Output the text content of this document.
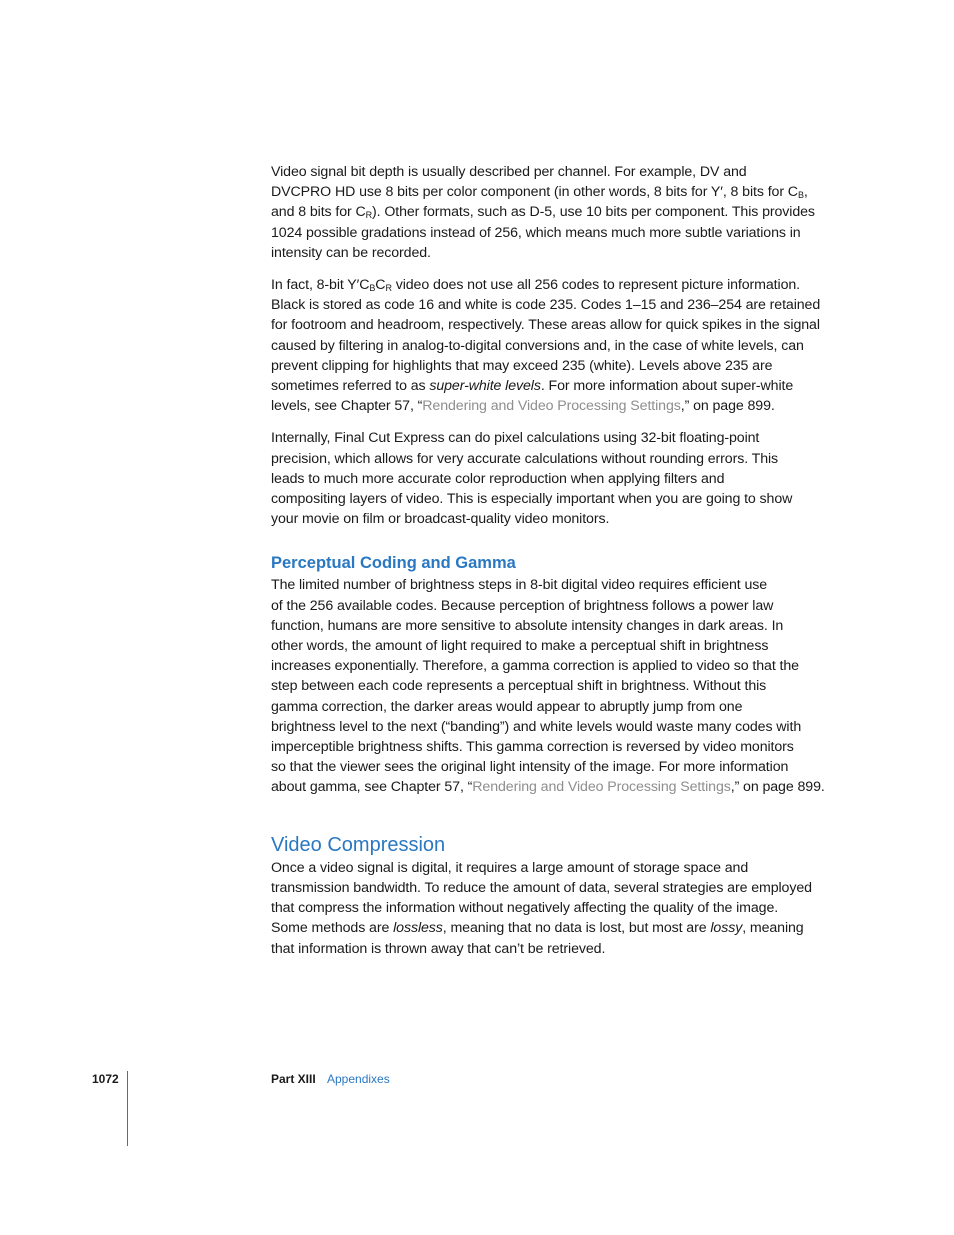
Video signal bit depth is usually described per channel. For example, DV and
DVCPRO HD use 8 bits per color component (in other words, 8 bits for Y′, 8 bits for $C_B$,
and 8 bits for $C_R$). Other formats, such as D-5, use 10 bits per component. This provides
1024 possible gradations instead of 256, which means much more subtle variations in
intensity can be recorded.

In fact, 8-bit $Y'C_BC_R$ video does not use all 256 codes to represent picture information.
Black is stored as code 16 and white is code 235. Codes 1–15 and 236–254 are retained
for footroom and headroom, respectively. These areas allow for quick spikes in the signal
caused by filtering in analog-to-digital conversions and, in the case of white levels, can
prevent clipping for highlights that may exceed 235 (white). Levels above 235 are
sometimes referred to as super-white levels. For more information about super-white
levels, see Chapter 57, “Rendering and Video Processing Settings,” on page 899.

Internally, Final Cut Express can do pixel calculations using 32-bit floating-point
precision, which allows for very accurate calculations without rounding errors. This
leads to much more accurate color reproduction when applying filters and
compositing layers of video. This is especially important when you are going to show
your movie on film or broadcast-quality video monitors.

Perceptual Coding and Gamma

The limited number of brightness steps in 8-bit digital video requires efficient use
of the 256 available codes. Because perception of brightness follows a power law
function, humans are more sensitive to absolute intensity changes in dark areas. In
other words, the amount of light required to make a perceptual shift in brightness
increases exponentially. Therefore, a gamma correction is applied to video so that the
step between each code represents a perceptual shift in brightness. Without this
gamma correction, the darker areas would appear to abruptly jump from one
brightness level to the next (“banding”) and white levels would waste many codes with
imperceptible brightness shifts. This gamma correction is reversed by video monitors
so that the viewer sees the original light intensity of the image. For more information
about gamma, see Chapter 57, “Rendering and Video Processing Settings,” on page 899.

Video Compression

Once a video signal is digital, it requires a large amount of storage space and
transmission bandwidth. To reduce the amount of data, several strategies are employed
that compress the information without negatively affecting the quality of the image.
Some methods are lossless, meaning that no data is lost, but most are lossy, meaning
that information is thrown away that can’t be retrieved.

1072	Part XIII Appendixes
